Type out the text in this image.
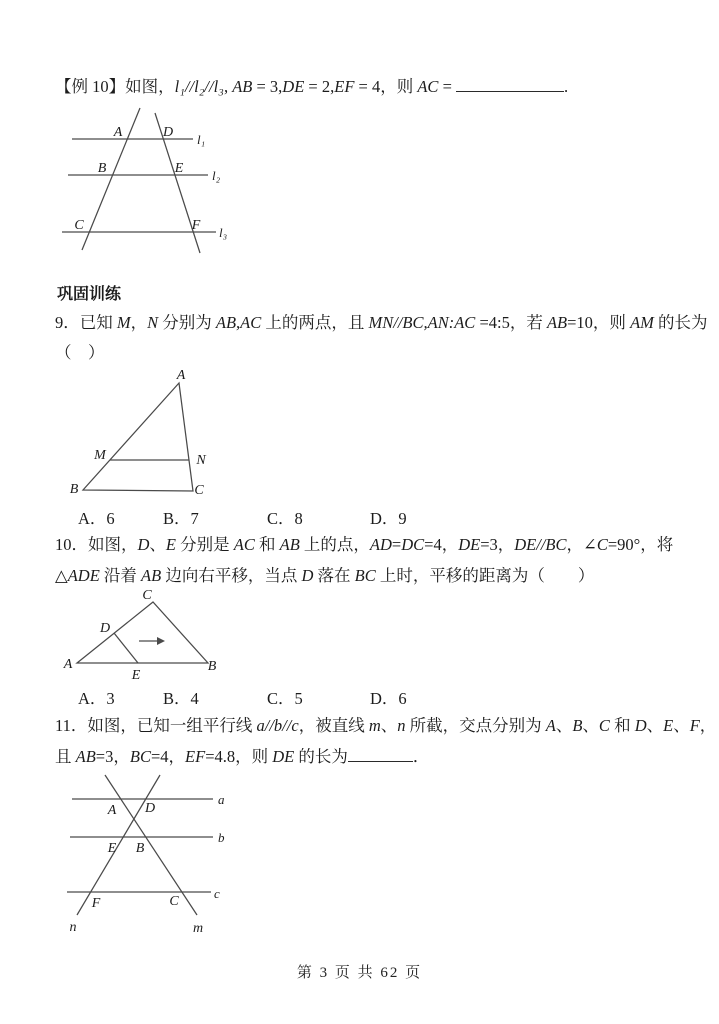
【例 10】如图，l₁//l₂//l₃, AB = 3,DE = 2,EF = 4，则 AC =	.
A	D
B	E
C	F
l₁
l₂
l₃
巩固训练
9．已知 M，N 分别为 AB,AC 上的两点，且 MN//BC,AN:AC =4:5，若 AB=10，则 AM 的长为
（　）
A
B	C
M	N
A．6	B．7	C．8	D．9
10．如图，D、E 分别是 AC 和 AB 上的点，AD=DC=4，DE=3，DE//BC，∠C=90°，将
△ADE 沿着 AB 边向右平移，当点 D 落在 BC 上时，平移的距离为（　　）
C
A	B
D
E
A．3	B．4	C．5	D．6
11．如图，已知一组平行线 a//b//c，被直线 m、n 所截，交点分别为 A、B、C 和 D、E、F，
且 AB=3，BC=4，EF=4.8，则 DE 的长为	．
A D
E B
F	C
a
b
c
n	m
第 3 页 共 62 页
